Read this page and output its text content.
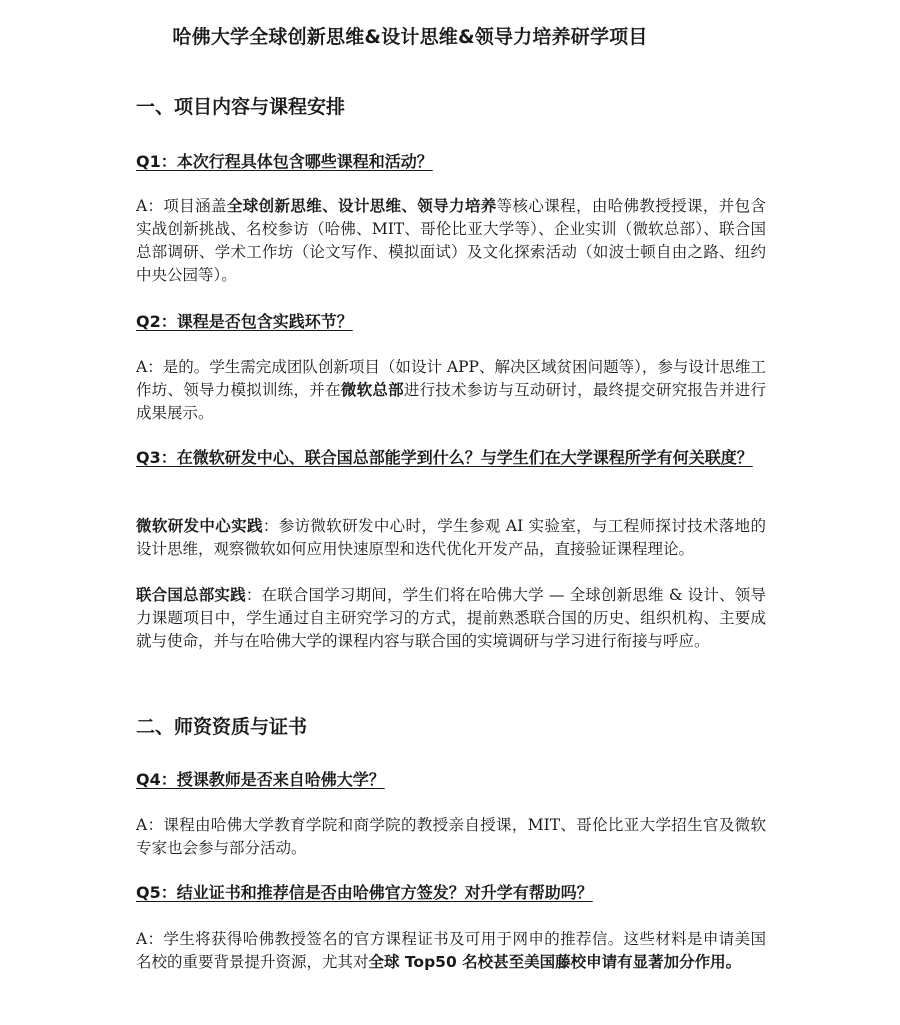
哈佛大学全球创新思维&设计思维&领导力培养研学项目
一、项目内容与课程安排
Q1：本次行程具体包含哪些课程和活动？
A：项目涵盖全球创新思维、设计思维、领导力培养等核心课程，由哈佛教授授课，并包含实战创新挑战、名校参访（哈佛、MIT、哥伦比亚大学等）、企业实训（微软总部）、联合国总部调研、学术工作坊（论文写作、模拟面试）及文化探索活动（如波士顿自由之路、纽约中央公园等）。
Q2：课程是否包含实践环节？
A：是的。学生需完成团队创新项目（如设计 APP、解决区域贫困问题等），参与设计思维工作坊、领导力模拟训练，并在微软总部进行技术参访与互动研讨，最终提交研究报告并进行成果展示。
Q3：在微软研发中心、联合国总部能学到什么？与学生们在大学课程所学有何关联度？
微软研发中心实践：参访微软研发中心时，学生参观 AI 实验室，与工程师探讨技术落地的设计思维，观察微软如何应用快速原型和迭代优化开发产品，直接验证课程理论。
联合国总部实践：在联合国学习期间，学生们将在哈佛大学 — 全球创新思维 & 设计、领导力课题项目中，学生通过自主研究学习的方式，提前熟悉联合国的历史、组织机构、主要成就与使命，并与在哈佛大学的课程内容与联合国的实境调研与学习进行衔接与呼应。
二、师资资质与证书
Q4：授课教师是否来自哈佛大学？
A：课程由哈佛大学教育学院和商学院的教授亲自授课，MIT、哥伦比亚大学招生官及微软专家也会参与部分活动。
Q5：结业证书和推荐信是否由哈佛官方签发？对升学有帮助吗？
A：学生将获得哈佛教授签名的官方课程证书及可用于网申的推荐信。这些材料是申请美国名校的重要背景提升资源，尤其对全球 Top50 名校甚至美国藤校申请有显著加分作用。
